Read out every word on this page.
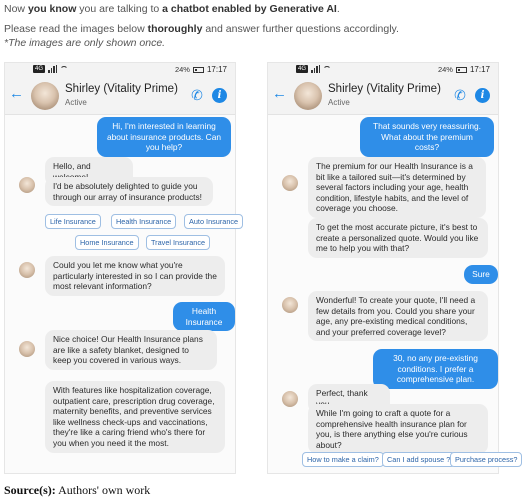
Now you know you are talking to a chatbot enabled by Generative AI.
Please read the images below thoroughly and answer further questions accordingly.
*The images are only shown once.
4G	24% 17:17
←	Shirley (Vitality Prime)
Active	✆	i
Hi, I'm interested in learning about insurance products. Can you help?
Hello, and
I'd be absolutely delighted to guide you through our array of insurance products!
Life Insurance	Health Insurance	Auto Insurance
Home Insurance	Travel Insurance
Could you let me know what you're particularly interested in so I can provide the most relevant information?
Health Insurance
Nice choice! Our Health Insurance plans are like a safety blanket, designed to keep you covered in various ways.
With features like hospitalization coverage, outpatient care, prescription drug coverage, maternity benefits, and preventive services like wellness check-ups and vaccinations, they're like a caring friend who's there for you when you need it the most.
4G	24% 17:17
←	Shirley (Vitality Prime)
Active	✆	i
That sounds very reassuring. What about the premium costs?
The premium for our Health Insurance is a bit like a tailored suit—it's determined by several factors including your age, health condition, lifestyle habits, and the level of coverage you choose.
To get the most accurate picture, it's best to create a personalized quote. Would you like me to help you with that?
Sure
Wonderful! To create your quote, I'll need a few details from you. Could you share your age, any pre-existing medical conditions, and your preferred coverage level?
30, no any pre-existing conditions. I prefer a comprehensive plan.
Perfect, thank
While I'm going to craft a quote for a comprehensive health insurance plan for you, is there anything else you're curious about?
How to make a claim?	Can I add spouse ? Purchase process?
Source(s): Authors' own work
